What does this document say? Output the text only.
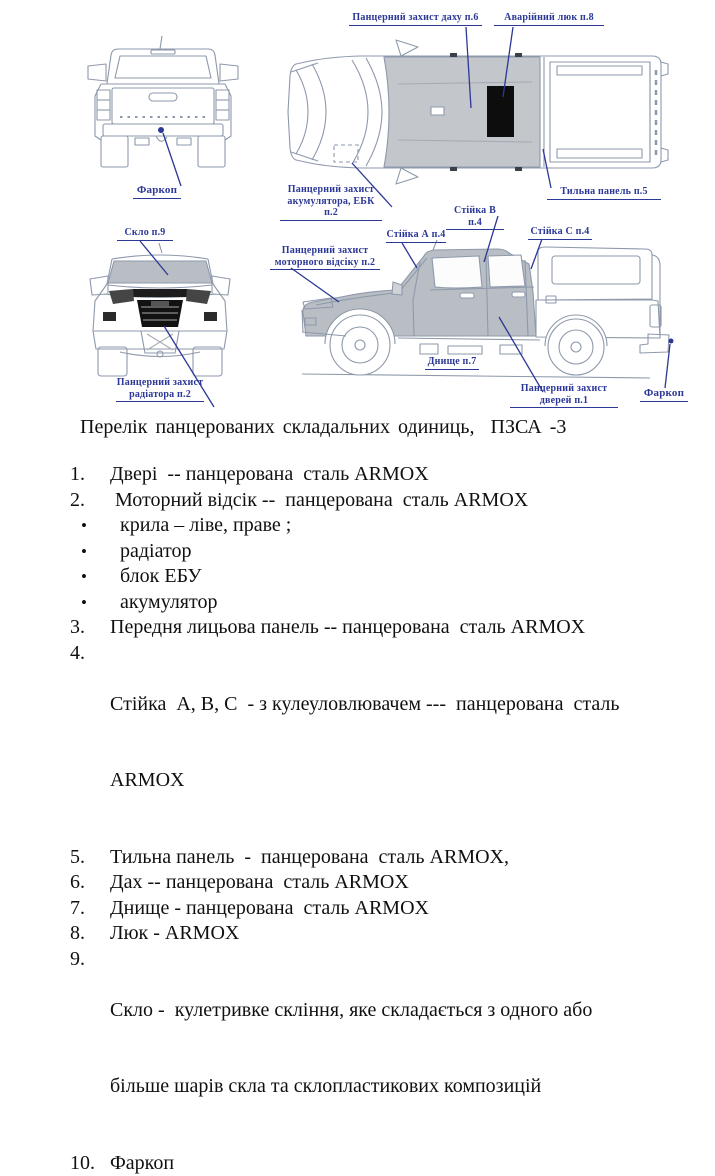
Фаркоп
Панцерний захист даху п.6	Аварійний люк п.8
Панцерний захист
акумулятора, ЕБК п.2
Тильна панель п.5
Стійка В п.4
Стійка А п.4	Стійка С п.4
Панцерний захист
моторного відсіку п.2
Скло п.9
Панцерний захист
радіатора п.2
Днище п.7
Панцерний захист
дверей п.1
Фаркоп
Перелік панцерованих складальних одиниць,  ПЗСА -3
1.	Двері  -- панцерована  сталь ARMOX
2.	Моторний відсік --  панцерована  сталь ARMOX
•	крила – ліве, праве ;
•	радіатор
•	блок ЕБУ
•	акумулятор
3.	Передня лицьова панель -- панцерована  сталь ARMOX
4.

Стійка  А, В, С  - з кулеуловлювачем ---  панцерована  сталь

ARMOX

5.	Тильна панель  -  панцерована  сталь ARMOX,
6.	Дах -- панцерована  сталь ARMOX
7.	Днище - панцерована  сталь ARMOX
8.	Люк - ARMOX
9.

Скло -  кулетривке скління, яке складається з одного або

більше шарів скла та склопластикових композицій

10. Фаркоп
